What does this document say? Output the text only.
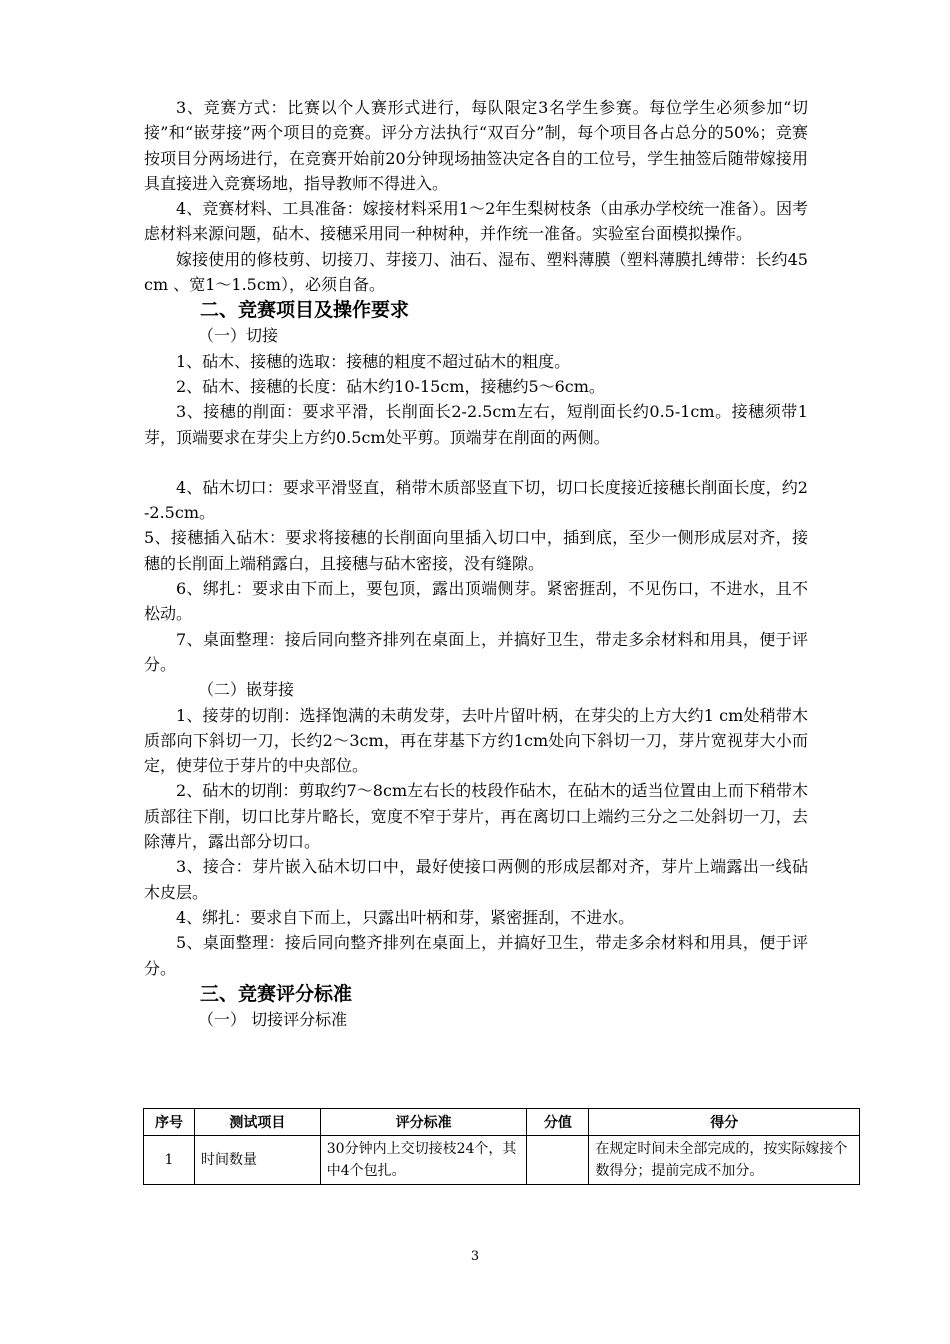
3、竞赛方式：比赛以个人赛形式进行，每队限定3名学生参赛。每位学生必须参加“切接”和“嵌芽接”两个项目的竞赛。评分方法执行“双百分”制，每个项目各占总分的50%；竞赛按项目分两场进行，在竞赛开始前20分钟现场抽签决定各自的工位号，学生抽签后随带嫁接用具直接进入竞赛场地，指导教师不得进入。

4、竞赛材料、工具准备：嫁接材料采用1～2年生梨树枝条（由承办学校统一准备）。因考虑材料来源问题，砧木、接穗采用同一种树种，并作统一准备。实验室台面模拟操作。

嫁接使用的修枝剪、切接刀、芽接刀、油石、湿布、塑料薄膜（塑料薄膜扎缚带：长约45cm 、宽1～1.5cm），必须自备。

二、竞赛项目及操作要求

（一）切接

1、砧木、接穗的选取：接穗的粗度不超过砧木的粗度。

2、砧木、接穗的长度：砧木约10-15cm，接穗约5～6cm。

3、接穗的削面：要求平滑，长削面长2-2.5cm左右，短削面长约0.5-1cm。接穗须带1芽，顶端要求在芽尖上方约0.5cm处平剪。顶端芽在削面的两侧。

4、砧木切口：要求平滑竖直，稍带木质部竖直下切，切口长度接近接穗长削面长度，约2-2.5cm。

5、接穗插入砧木：要求将接穗的长削面向里插入切口中，插到底，至少一侧形成层对齐，接穗的长削面上端稍露白，且接穗与砧木密接，没有缝隙。

6、绑扎：要求由下而上，要包顶，露出顶端侧芽。紧密捱刮，不见伤口，不进水，且不松动。

7、桌面整理：接后同向整齐排列在桌面上，并搞好卫生，带走多余材料和用具，便于评分。

（二）嵌芽接

1、接芽的切削：选择饱满的未萌发芽，去叶片留叶柄，在芽尖的上方大约1 cm处稍带木质部向下斜切一刀，长约2～3cm，再在芽基下方约1cm处向下斜切一刀，芽片宽视芽大小而定，使芽位于芽片的中央部位。

2、砧木的切削：剪取约7～8cm左右长的枝段作砧木，在砧木的适当位置由上而下稍带木质部往下削，切口比芽片略长，宽度不窄于芽片，再在离切口上端约三分之二处斜切一刀，去除薄片，露出部分切口。

3、接合：芽片嵌入砧木切口中，最好使接口两侧的形成层都对齐，芽片上端露出一线砧木皮层。

4、绑扎：要求自下而上，只露出叶柄和芽，紧密捱刮，不进水。

5、桌面整理：接后同向整齐排列在桌面上，并搞好卫生，带走多余材料和用具，便于评分。

三、竞赛评分标准

（一） 切接评分标准

序号	测试项目	评分标准	分值	得分
1	时间数量	30分钟内上交切接枝24个，其中4个包扎。		在规定时间未全部完成的，按实际嫁接个数得分；提前完成不加分。
3
